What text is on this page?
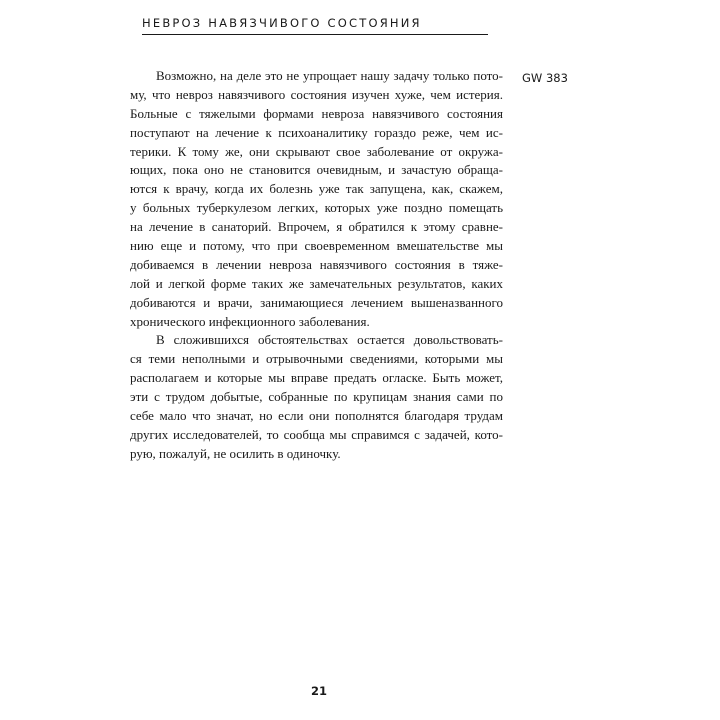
НЕВРОЗ НАВЯЗЧИВОГО СОСТОЯНИЯ
GW 383
Возможно, на деле это не упрощает нашу задачу только пото-
му, что невроз навязчивого состояния изучен хуже, чем истерия.
Больные с тяжелыми формами невроза навязчивого состояния
поступают на лечение к психоаналитику гораздо реже, чем ис-
терики. К тому же, они скрывают свое заболевание от окружа-
ющих, пока оно не становится очевидным, и зачастую обраща-
ются к врачу, когда их болезнь уже так запущена, как, скажем,
у больных туберкулезом легких, которых уже поздно помещать
на лечение в санаторий. Впрочем, я обратился к этому сравне-
нию еще и потому, что при своевременном вмешательстве мы
добиваемся в лечении невроза навязчивого состояния в тяже-
лой и легкой форме таких же замечательных результатов, каких
добиваются и врачи, занимающиеся лечением вышеназванного
хронического инфекционного заболевания.
В сложившихся обстоятельствах остается довольствовать-
ся теми неполными и отрывочными сведениями, которыми мы
располагаем и которые мы вправе предать огласке. Быть может,
эти с трудом добытые, собранные по крупицам знания сами по
себе мало что значат, но если они пополнятся благодаря трудам
других исследователей, то сообща мы справимся с задачей, кото-
рую, пожалуй, не осилить в одиночку.
21
